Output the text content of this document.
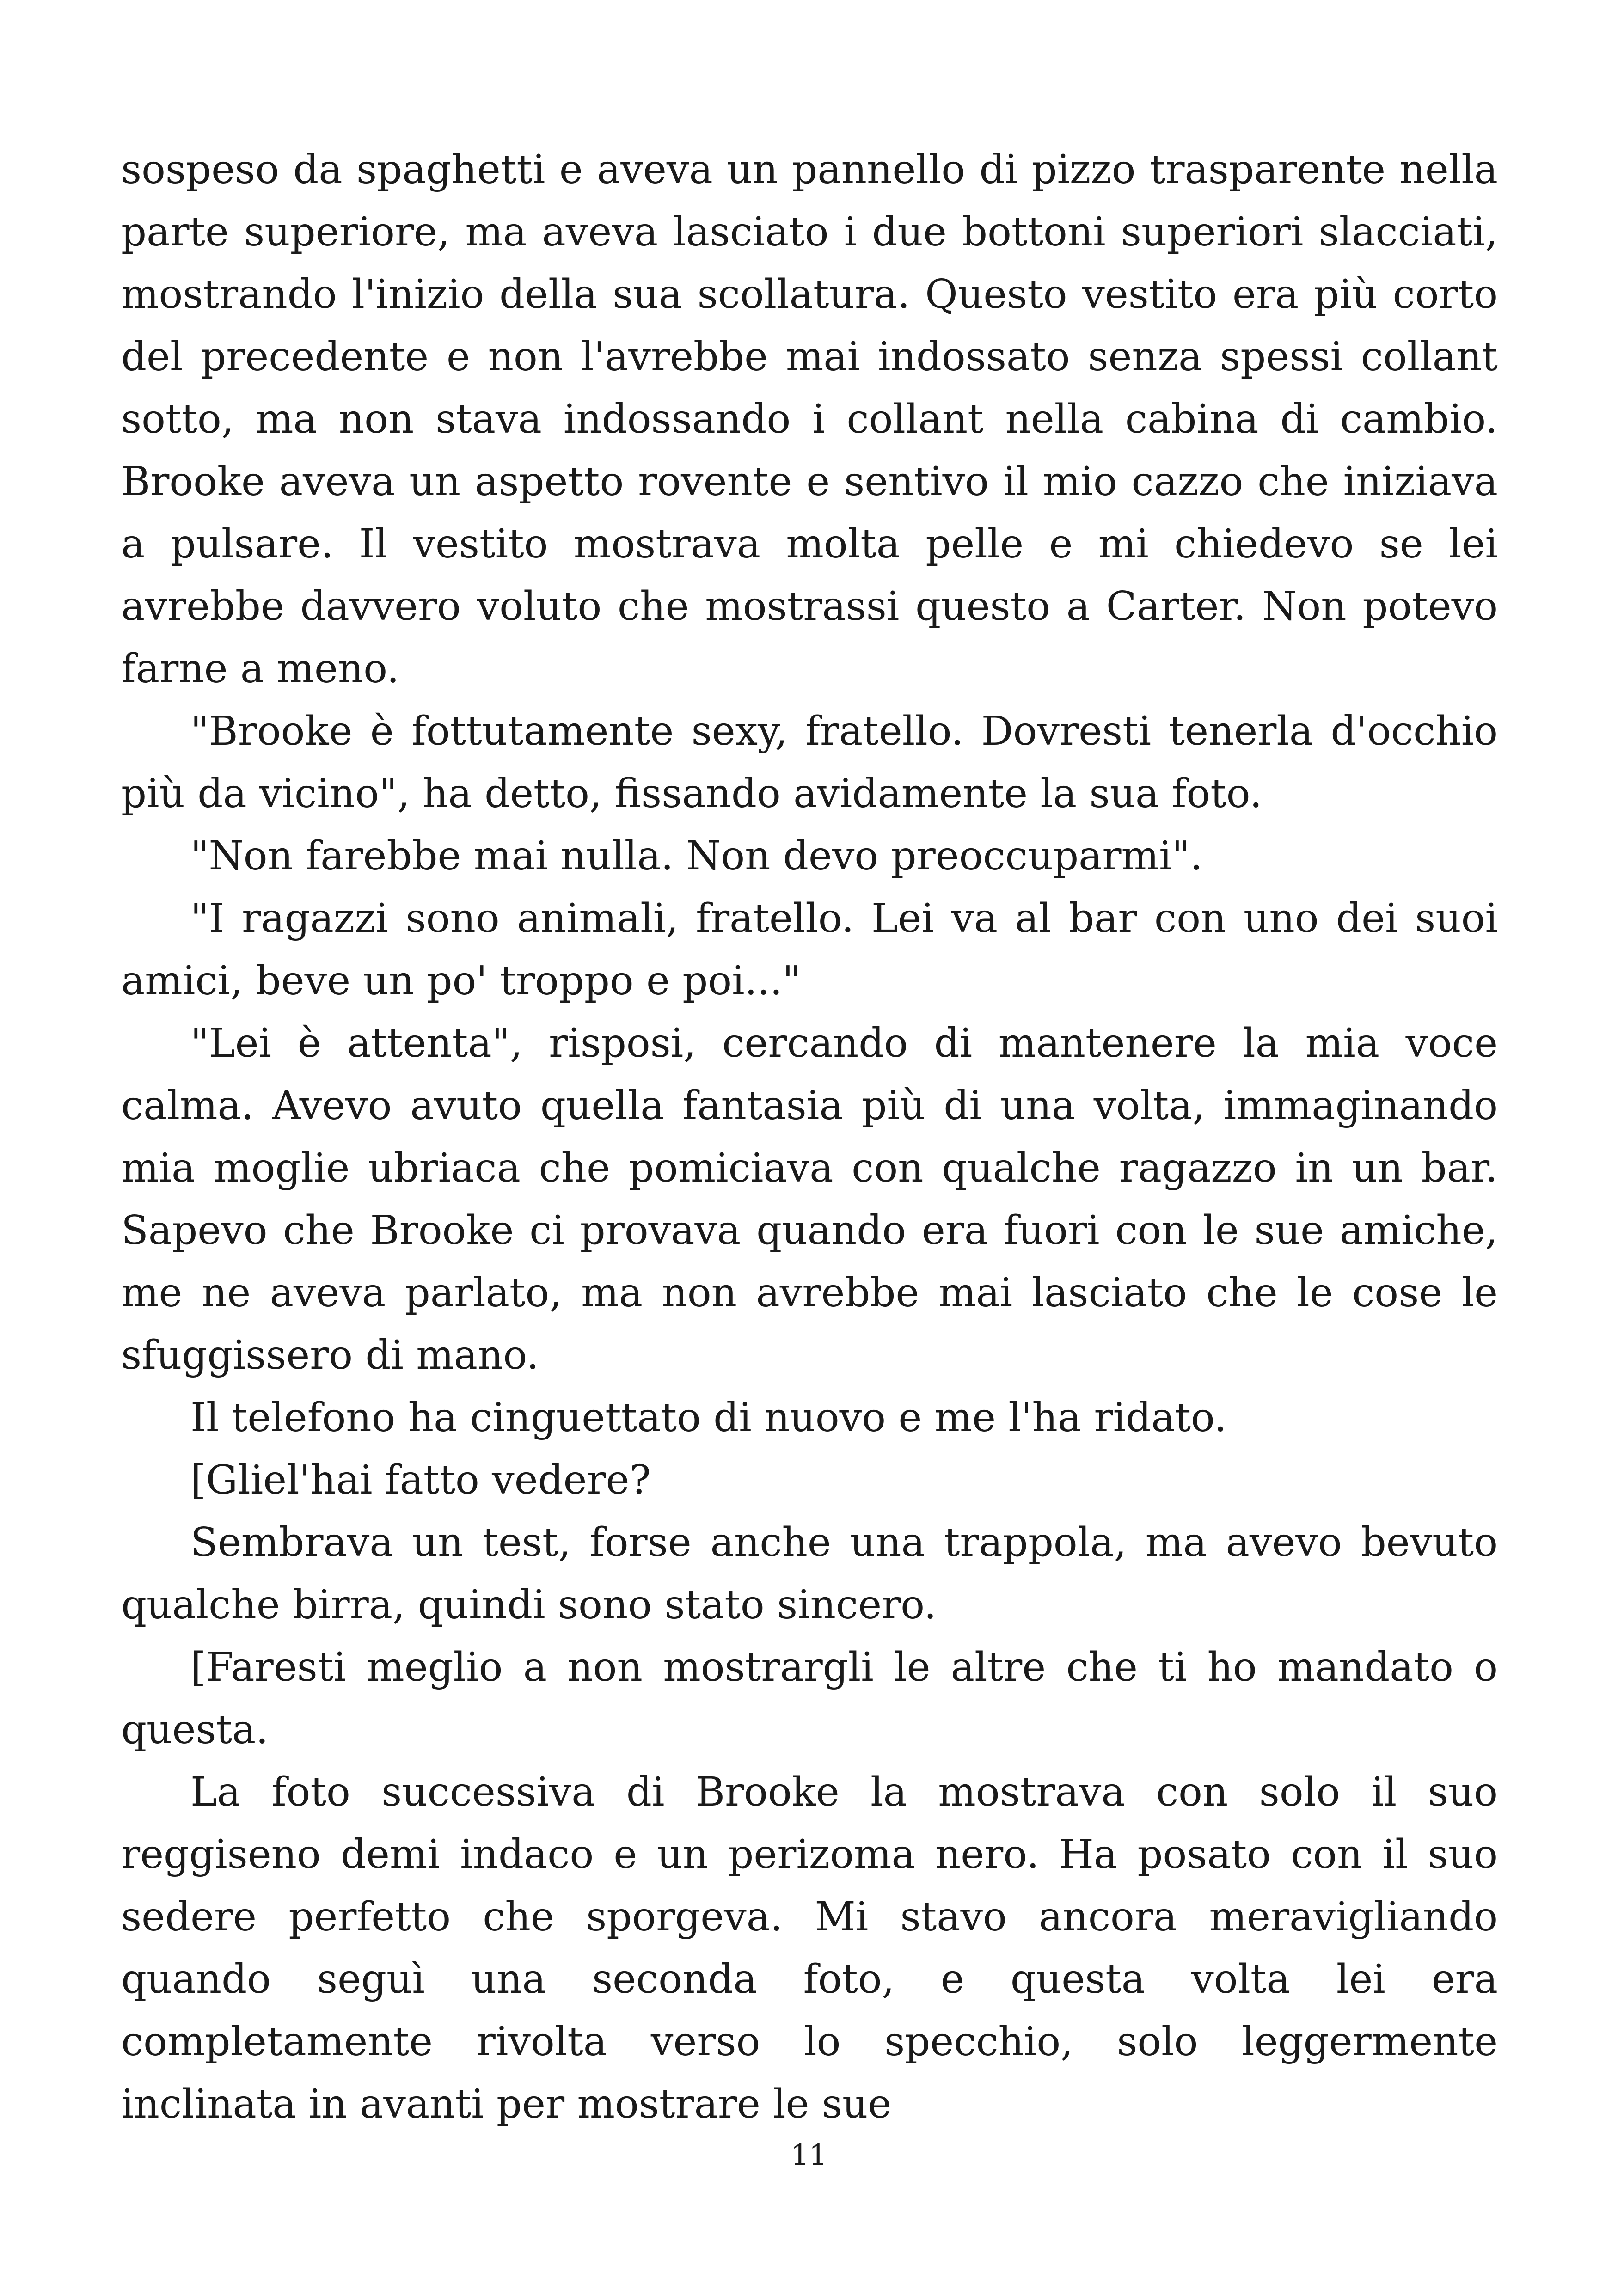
sospeso da spaghetti e aveva un pannello di pizzo trasparente nella parte superiore, ma aveva lasciato i due bottoni superiori slacciati, mostrando l'inizio della sua scollatura. Questo vestito era più corto del precedente e non l'avrebbe mai indossato senza spessi collant sotto, ma non stava indossando i collant nella cabina di cambio. Brooke aveva un aspetto rovente e sentivo il mio cazzo che iniziava a pulsare. Il vestito mostrava molta pelle e mi chiedevo se lei avrebbe davvero voluto che mostrassi questo a Carter. Non potevo farne a meno.

"Brooke è fottutamente sexy, fratello. Dovresti tenerla d'occhio più da vicino", ha detto, fissando avidamente la sua foto.

"Non farebbe mai nulla. Non devo preoccuparmi".

"I ragazzi sono animali, fratello. Lei va al bar con uno dei suoi amici, beve un po' troppo e poi..."

"Lei è attenta", risposi, cercando di mantenere la mia voce calma. Avevo avuto quella fantasia più di una volta, immaginando mia moglie ubriaca che pomiciava con qualche ragazzo in un bar. Sapevo che Brooke ci provava quando era fuori con le sue amiche, me ne aveva parlato, ma non avrebbe mai lasciato che le cose le sfuggissero di mano.

Il telefono ha cinguettato di nuovo e me l'ha ridato.

[Gliel'hai fatto vedere?

Sembrava un test, forse anche una trappola, ma avevo bevuto qualche birra, quindi sono stato sincero.

[Faresti meglio a non mostrargli le altre che ti ho mandato o questa.

La foto successiva di Brooke la mostrava con solo il suo reggiseno demi indaco e un perizoma nero. Ha posato con il suo sedere perfetto che sporgeva. Mi stavo ancora meravigliando quando seguì una seconda foto, e questa volta lei era completamente rivolta verso lo specchio, solo leggermente inclinata in avanti per mostrare le sue

11
